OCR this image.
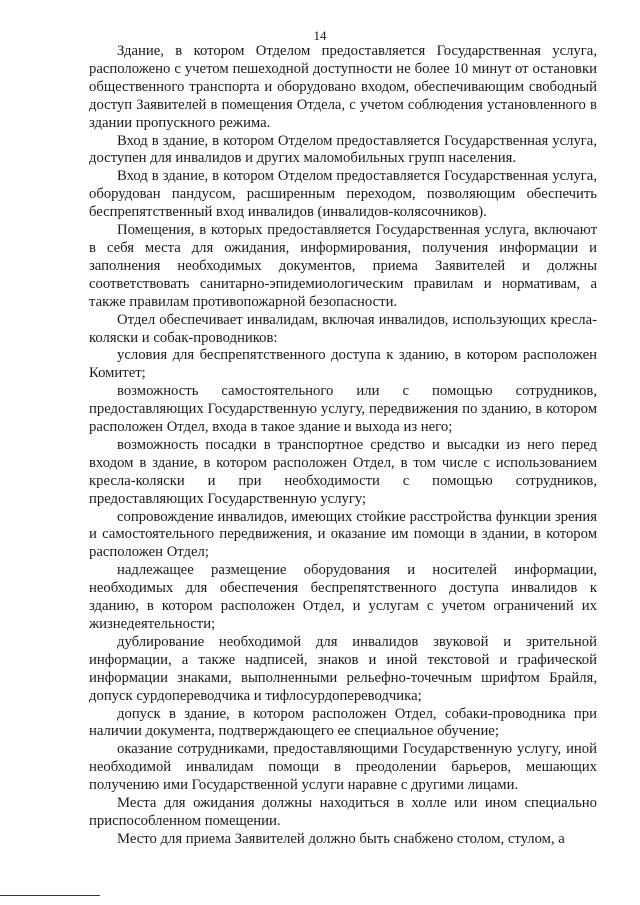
14

Здание, в котором Отделом предоставляется Государственная услуга, расположено с учетом пешеходной доступности не более 10 минут от остановки общественного транспорта и оборудовано входом, обеспечивающим свободный доступ Заявителей в помещения Отдела, с учетом соблюдения установленного в здании пропускного режима.

Вход в здание, в котором Отделом предоставляется Государственная услуга, доступен для инвалидов и других маломобильных групп населения.

Вход в здание, в котором Отделом предоставляется Государственная услуга, оборудован пандусом, расширенным переходом, позволяющим обеспечить беспрепятственный вход инвалидов (инвалидов-колясочников).

Помещения, в которых предоставляется Государственная услуга, включают в себя места для ожидания, информирования, получения информации и заполнения необходимых документов, приема Заявителей и должны соответствовать санитарно-эпидемиологическим правилам и нормативам, а также правилам противопожарной безопасности.

Отдел обеспечивает инвалидам, включая инвалидов, использующих кресла-коляски и собак-проводников:

условия для беспрепятственного доступа к зданию, в котором расположен Комитет;

возможность самостоятельного или с помощью сотрудников, предоставляющих Государственную услугу, передвижения по зданию, в котором расположен Отдел, входа в такое здание и выхода из него;

возможность посадки в транспортное средство и высадки из него перед входом в здание, в котором расположен Отдел, в том числе с использованием кресла-коляски и при необходимости с помощью сотрудников, предоставляющих Государственную услугу;

сопровождение инвалидов, имеющих стойкие расстройства функции зрения и самостоятельного передвижения, и оказание им помощи в здании, в котором расположен Отдел;

надлежащее размещение оборудования и носителей информации, необходимых для обеспечения беспрепятственного доступа инвалидов к зданию, в котором расположен Отдел, и услугам с учетом ограничений их жизнедеятельности;

дублирование необходимой для инвалидов звуковой и зрительной информации, а также надписей, знаков и иной текстовой и графической информации знаками, выполненными рельефно-точечным шрифтом Брайля, допуск сурдопереводчика и тифлосурдопереводчика;

допуск в здание, в котором расположен Отдел, собаки-проводника при наличии документа, подтверждающего ее специальное обучение;

оказание сотрудниками, предоставляющими Государственную услугу, иной необходимой инвалидам помощи в преодолении барьеров, мешающих получению ими Государственной услуги наравне с другими лицами.

Места для ожидания должны находиться в холле или ином специально приспособленном помещении.

Место для приема Заявителей должно быть снабжено столом, стулом, а
